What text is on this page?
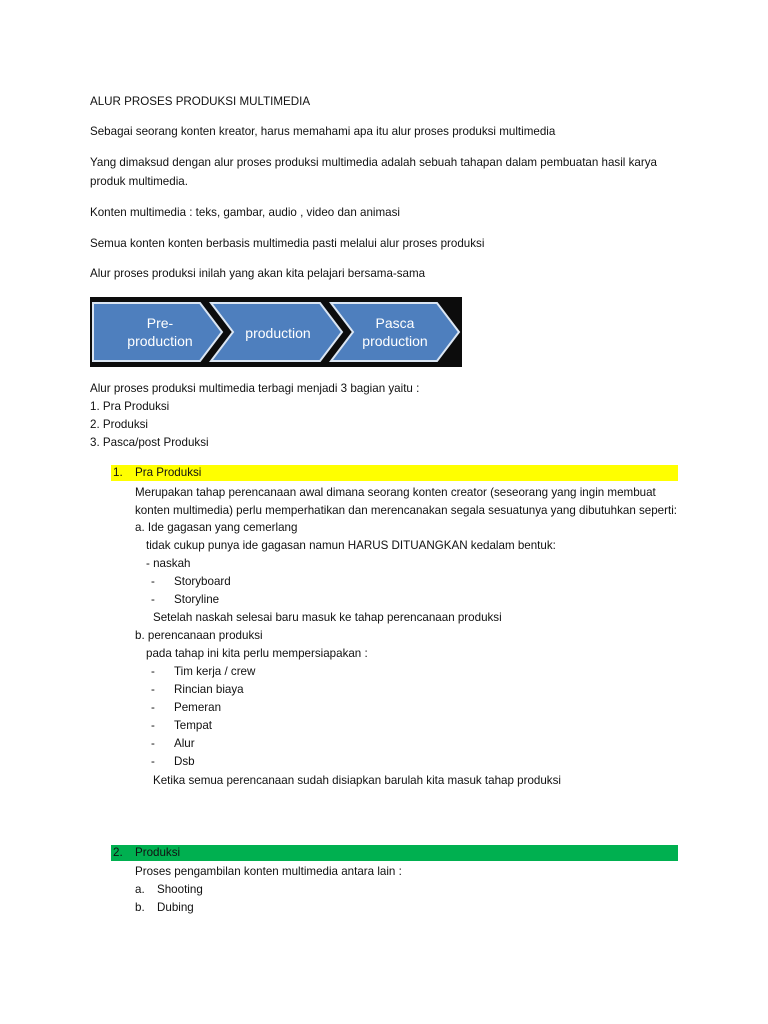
ALUR PROSES PRODUKSI MULTIMEDIA
Sebagai seorang konten kreator, harus memahami apa itu alur proses produksi multimedia
Yang dimaksud dengan alur proses produksi multimedia adalah sebuah tahapan dalam pembuatan hasil karya
produk multimedia.
Konten multimedia : teks, gambar, audio , video dan animasi
Semua konten konten berbasis multimedia pasti melalui alur proses produksi
Alur proses produksi inilah yang akan kita pelajari bersama-sama
Pre-
production	production
Pasca
production
Alur proses produksi multimedia terbagi menjadi 3 bagian yaitu :
1. Pra Produksi
2. Produksi
3. Pasca/post Produksi
1. Pra Produksi
Merupakan tahap perencanaan awal dimana seorang konten creator (seseorang yang ingin membuat
konten multimedia) perlu memperhatikan dan merencanakan segala sesuatunya yang dibutuhkan seperti:
a. Ide gagasan yang cemerlang
tidak cukup punya ide gagasan namun HARUS DITUANGKAN kedalam bentuk:
- naskah
- Storyboard
- Storyline
Setelah naskah selesai baru masuk ke tahap perencanaan produksi
b. perencanaan produksi
pada tahap ini kita perlu mempersiapakan :
- Tim kerja / crew
- Rincian biaya
- Pemeran
- Tempat
- Alur
- Dsb
Ketika semua perencanaan sudah disiapkan barulah kita masuk tahap produksi
2. Produksi
Proses pengambilan konten multimedia antara lain :
a. Shooting
b. Dubing
